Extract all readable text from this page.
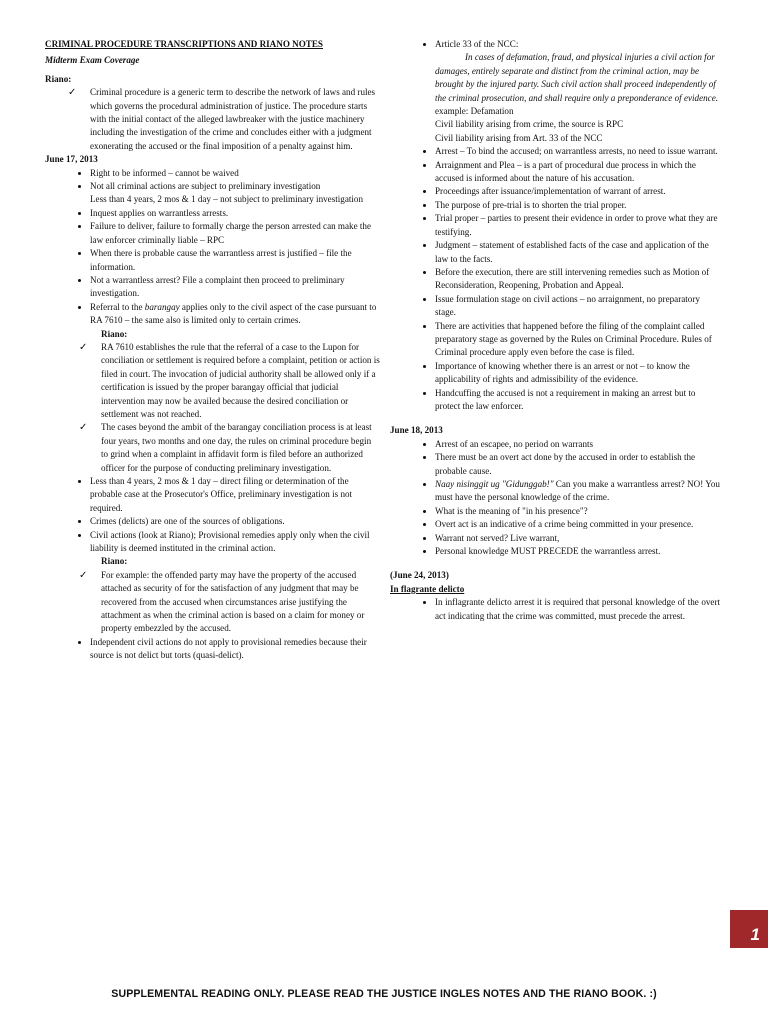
CRIMINAL PROCEDURE TRANSCRIPTIONS AND RIANO NOTES

Midterm Exam Coverage

Riano:

✓ Criminal procedure is a generic term to describe the network of laws and rules which governs the procedural administration of justice. The procedure starts with the initial contact of the alleged lawbreaker with the justice machinery including the investigation of the crime and concludes either with a judgment exonerating the accused or the final imposition of a penalty against him.

June 17, 2013

• Right to be informed – cannot be waived
• Not all criminal actions are subject to preliminary investigation
Less than 4 years, 2 mos & 1 day – not subject to preliminary investigation
• Inquest applies on warrantless arrests.
• Failure to deliver, failure to formally charge the person arrested can make the law enforcer criminally liable – RPC
• When there is probable cause the warrantless arrest is justified – file the information.
• Not a warrantless arrest? File a complaint then proceed to preliminary investigation.
• Referral to the barangay applies only to the civil aspect of the case pursuant to RA 7610 – the same also is limited only to certain crimes.

Riano:

✓ RA 7610 establishes the rule that the referral of a case to the Lupon for conciliation or settlement is required before a complaint, petition or action is filed in court. The invocation of judicial authority shall be allowed only if a certification is issued by the proper barangay official that judicial intervention may now be availed because the desired conciliation or settlement was not reached.
✓ The cases beyond the ambit of the barangay conciliation process is at least four years, two months and one day, the rules on criminal procedure begin to grind when a complaint in affidavit form is filed before an authorized officer for the purpose of conducting preliminary investigation.
• Less than 4 years, 2 mos & 1 day – direct filing or determination of the probable case at the Prosecutor's Office, preliminary investigation is not required.
• Crimes (delicts) are one of the sources of obligations.
• Civil actions (look at Riano); Provisional remedies apply only when the civil liability is deemed instituted in the criminal action.

Riano:

✓ For example: the offended party may have the property of the accused attached as security of for the satisfaction of any judgment that may be recovered from the accused when circumstances arise justifying the attachment as when the criminal action is based on a claim for money or property embezzled by the accused.
• Independent civil actions do not apply to provisional remedies because their source is not delict but torts (quasi-delict).
• Article 33 of the NCC:
In cases of defamation, fraud, and physical injuries a civil action for damages, entirely separate and distinct from the criminal action, may be brought by the injured party. Such civil action shall proceed independently of the criminal prosecution, and shall require only a preponderance of evidence.
example: Defamation
Civil liability arising from crime, the source is RPC
Civil liability arising from Art. 33 of the NCC
• Arrest – To bind the accused; on warrantless arrests, no need to issue warrant.
• Arraignment and Plea – is a part of procedural due process in which the accused is informed about the nature of his accusation.
• Proceedings after issuance/implementation of warrant of arrest.
• The purpose of pre-trial is to shorten the trial proper.
• Trial proper – parties to present their evidence in order to prove what they are testifying.
• Judgment – statement of established facts of the case and application of the law to the facts.
• Before the execution, there are still intervening remedies such as Motion of Reconsideration, Reopening, Probation and Appeal.
• Issue formulation stage on civil actions – no arraignment, no preparatory stage.
• There are activities that happened before the filing of the complaint called preparatory stage as governed by the Rules on Criminal Procedure. Rules of Criminal procedure apply even before the case is filed.
• Importance of knowing whether there is an arrest or not – to know the applicability of rights and admissibility of the evidence.
• Handcuffing the accused is not a requirement in making an arrest but to protect the law enforcer.

June 18, 2013

• Arrest of an escapee, no period on warrants
• There must be an overt act done by the accused in order to establish the probable cause.
• Naay nisinggit ug "Gidunggab!" Can you make a warrantless arrest? NO! You must have the personal knowledge of the crime.
• What is the meaning of "in his presence"?
• Overt act is an indicative of a crime being committed in your presence.
• Warrant not served? Live warrant,
• Personal knowledge MUST PRECEDE the warrantless arrest.

(June 24, 2013)

In flagrante delicto

• In inflagrante delicto arrest it is required that personal knowledge of the overt act indicating that the crime was committed, must precede the arrest.
1
SUPPLEMENTAL READING ONLY. PLEASE READ THE JUSTICE INGLES NOTES AND THE RIANO BOOK. :)
